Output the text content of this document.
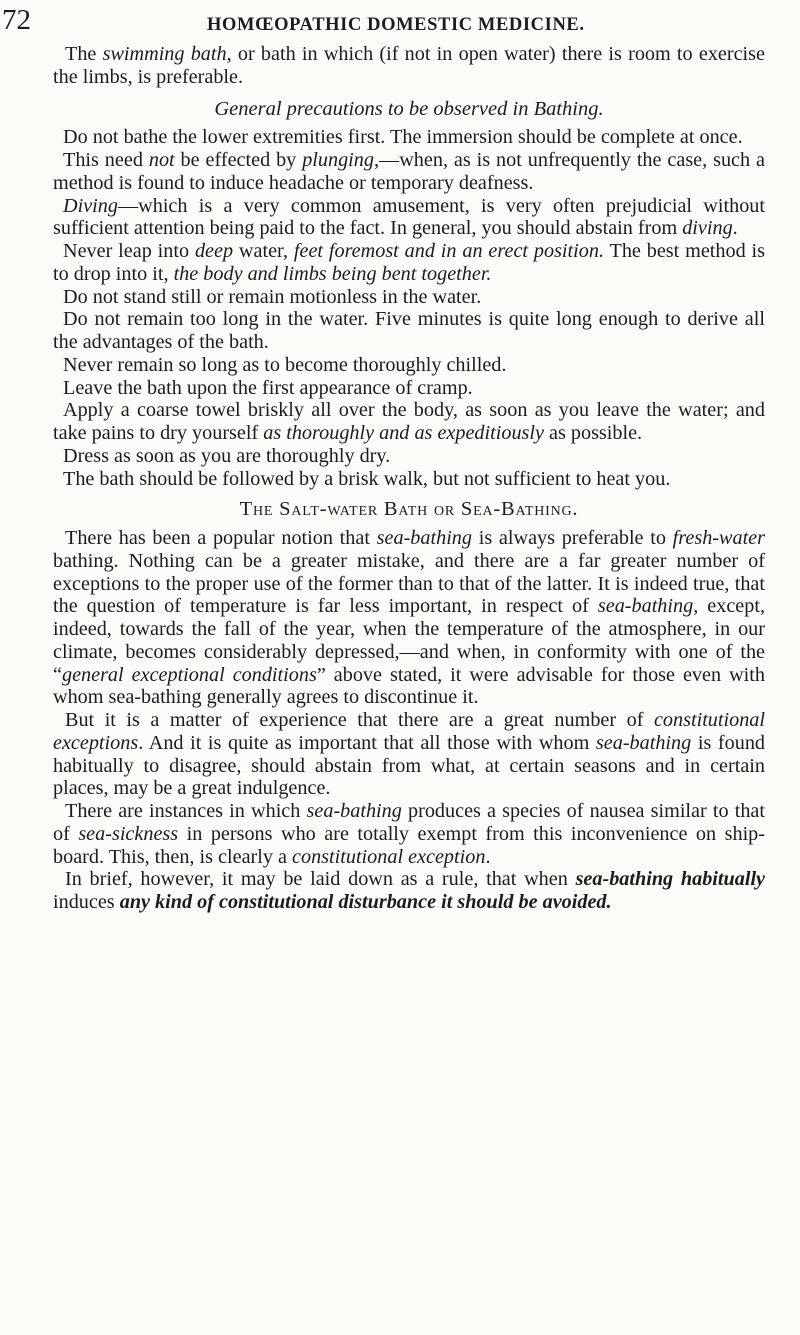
72	HOMŒOPATHIC DOMESTIC MEDICINE.

The swimming bath, or bath in which (if not in open water) there is room to exercise the limbs, is preferable.

General precautions to be observed in Bathing.

Do not bathe the lower extremities first. The immersion should be complete at once.

This need not be effected by plunging,—when, as is not unfrequently the case, such a method is found to induce headache or temporary deafness.

Diving—which is a very common amusement, is very often prejudicial without sufficient attention being paid to the fact. In general, you should abstain from diving.

Never leap into deep water, feet foremost and in an erect position. The best method is to drop into it, the body and limbs being bent together.

Do not stand still or remain motionless in the water.

Do not remain too long in the water. Five minutes is quite long enough to derive all the advantages of the bath.

Never remain so long as to become thoroughly chilled.

Leave the bath upon the first appearance of cramp.

Apply a coarse towel briskly all over the body, as soon as you leave the water; and take pains to dry yourself as thoroughly and as expeditiously as possible.

Dress as soon as you are thoroughly dry.

The bath should be followed by a brisk walk, but not sufficient to heat you.

The Salt-water Bath or Sea-Bathing.

There has been a popular notion that sea-bathing is always preferable to fresh-water bathing. Nothing can be a greater mistake, and there are a far greater number of exceptions to the proper use of the former than to that of the latter. It is indeed true, that the question of temperature is far less important, in respect of sea-bathing, except, indeed, towards the fall of the year, when the temperature of the atmosphere, in our climate, becomes considerably depressed,—and when, in conformity with one of the “general exceptional conditions” above stated, it were advisable for those even with whom sea-bathing generally agrees to discontinue it.

But it is a matter of experience that there are a great number of constitutional exceptions. And it is quite as important that all those with whom sea-bathing is found habitually to disagree, should abstain from what, at certain seasons and in certain places, may be a great indulgence.

There are instances in which sea-bathing produces a species of nausea similar to that of sea-sickness in persons who are totally exempt from this inconvenience on ship-board. This, then, is clearly a constitutional exception.

In brief, however, it may be laid down as a rule, that when sea-bathing habitually induces any kind of constitutional disturbance it should be avoided.
